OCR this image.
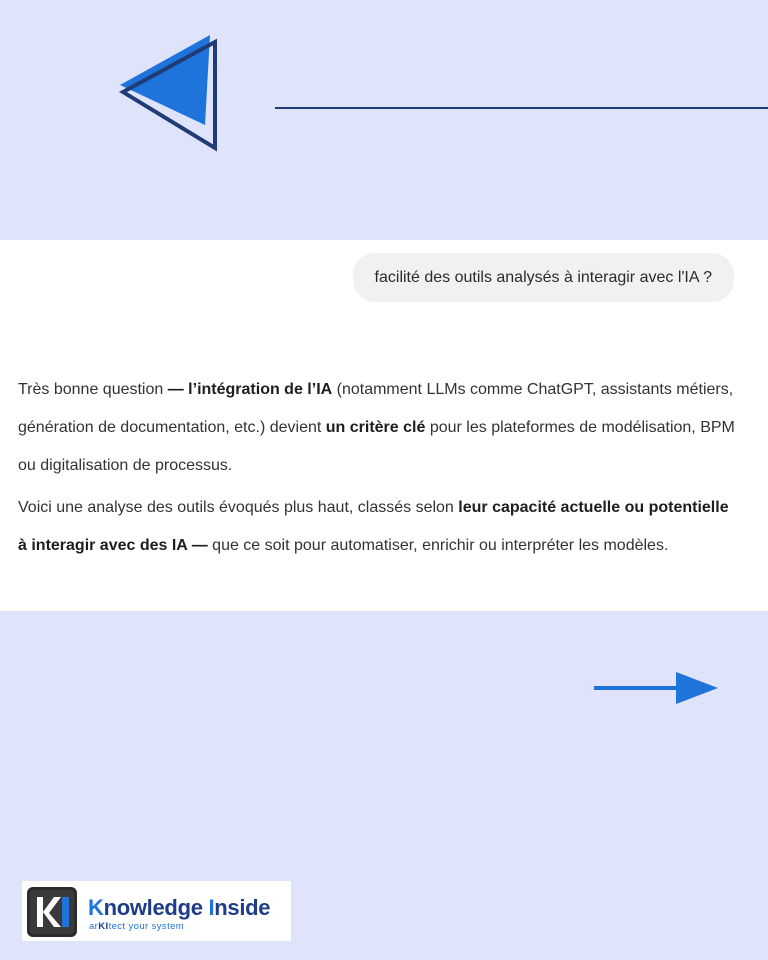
facilité des outils analysés à interagir avec l'IA ?

Très bonne question — l’intégration de l’IA (notamment LLMs comme ChatGPT, assistants métiers, génération de documentation, etc.) devient un critère clé pour les plateformes de modélisation, BPM ou digitalisation de processus.

Voici une analyse des outils évoqués plus haut, classés selon leur capacité actuelle ou potentielle à interagir avec des IA — que ce soit pour automatiser, enrichir ou interpréter les modèles.

Knowledge Inside
arKItect your system
